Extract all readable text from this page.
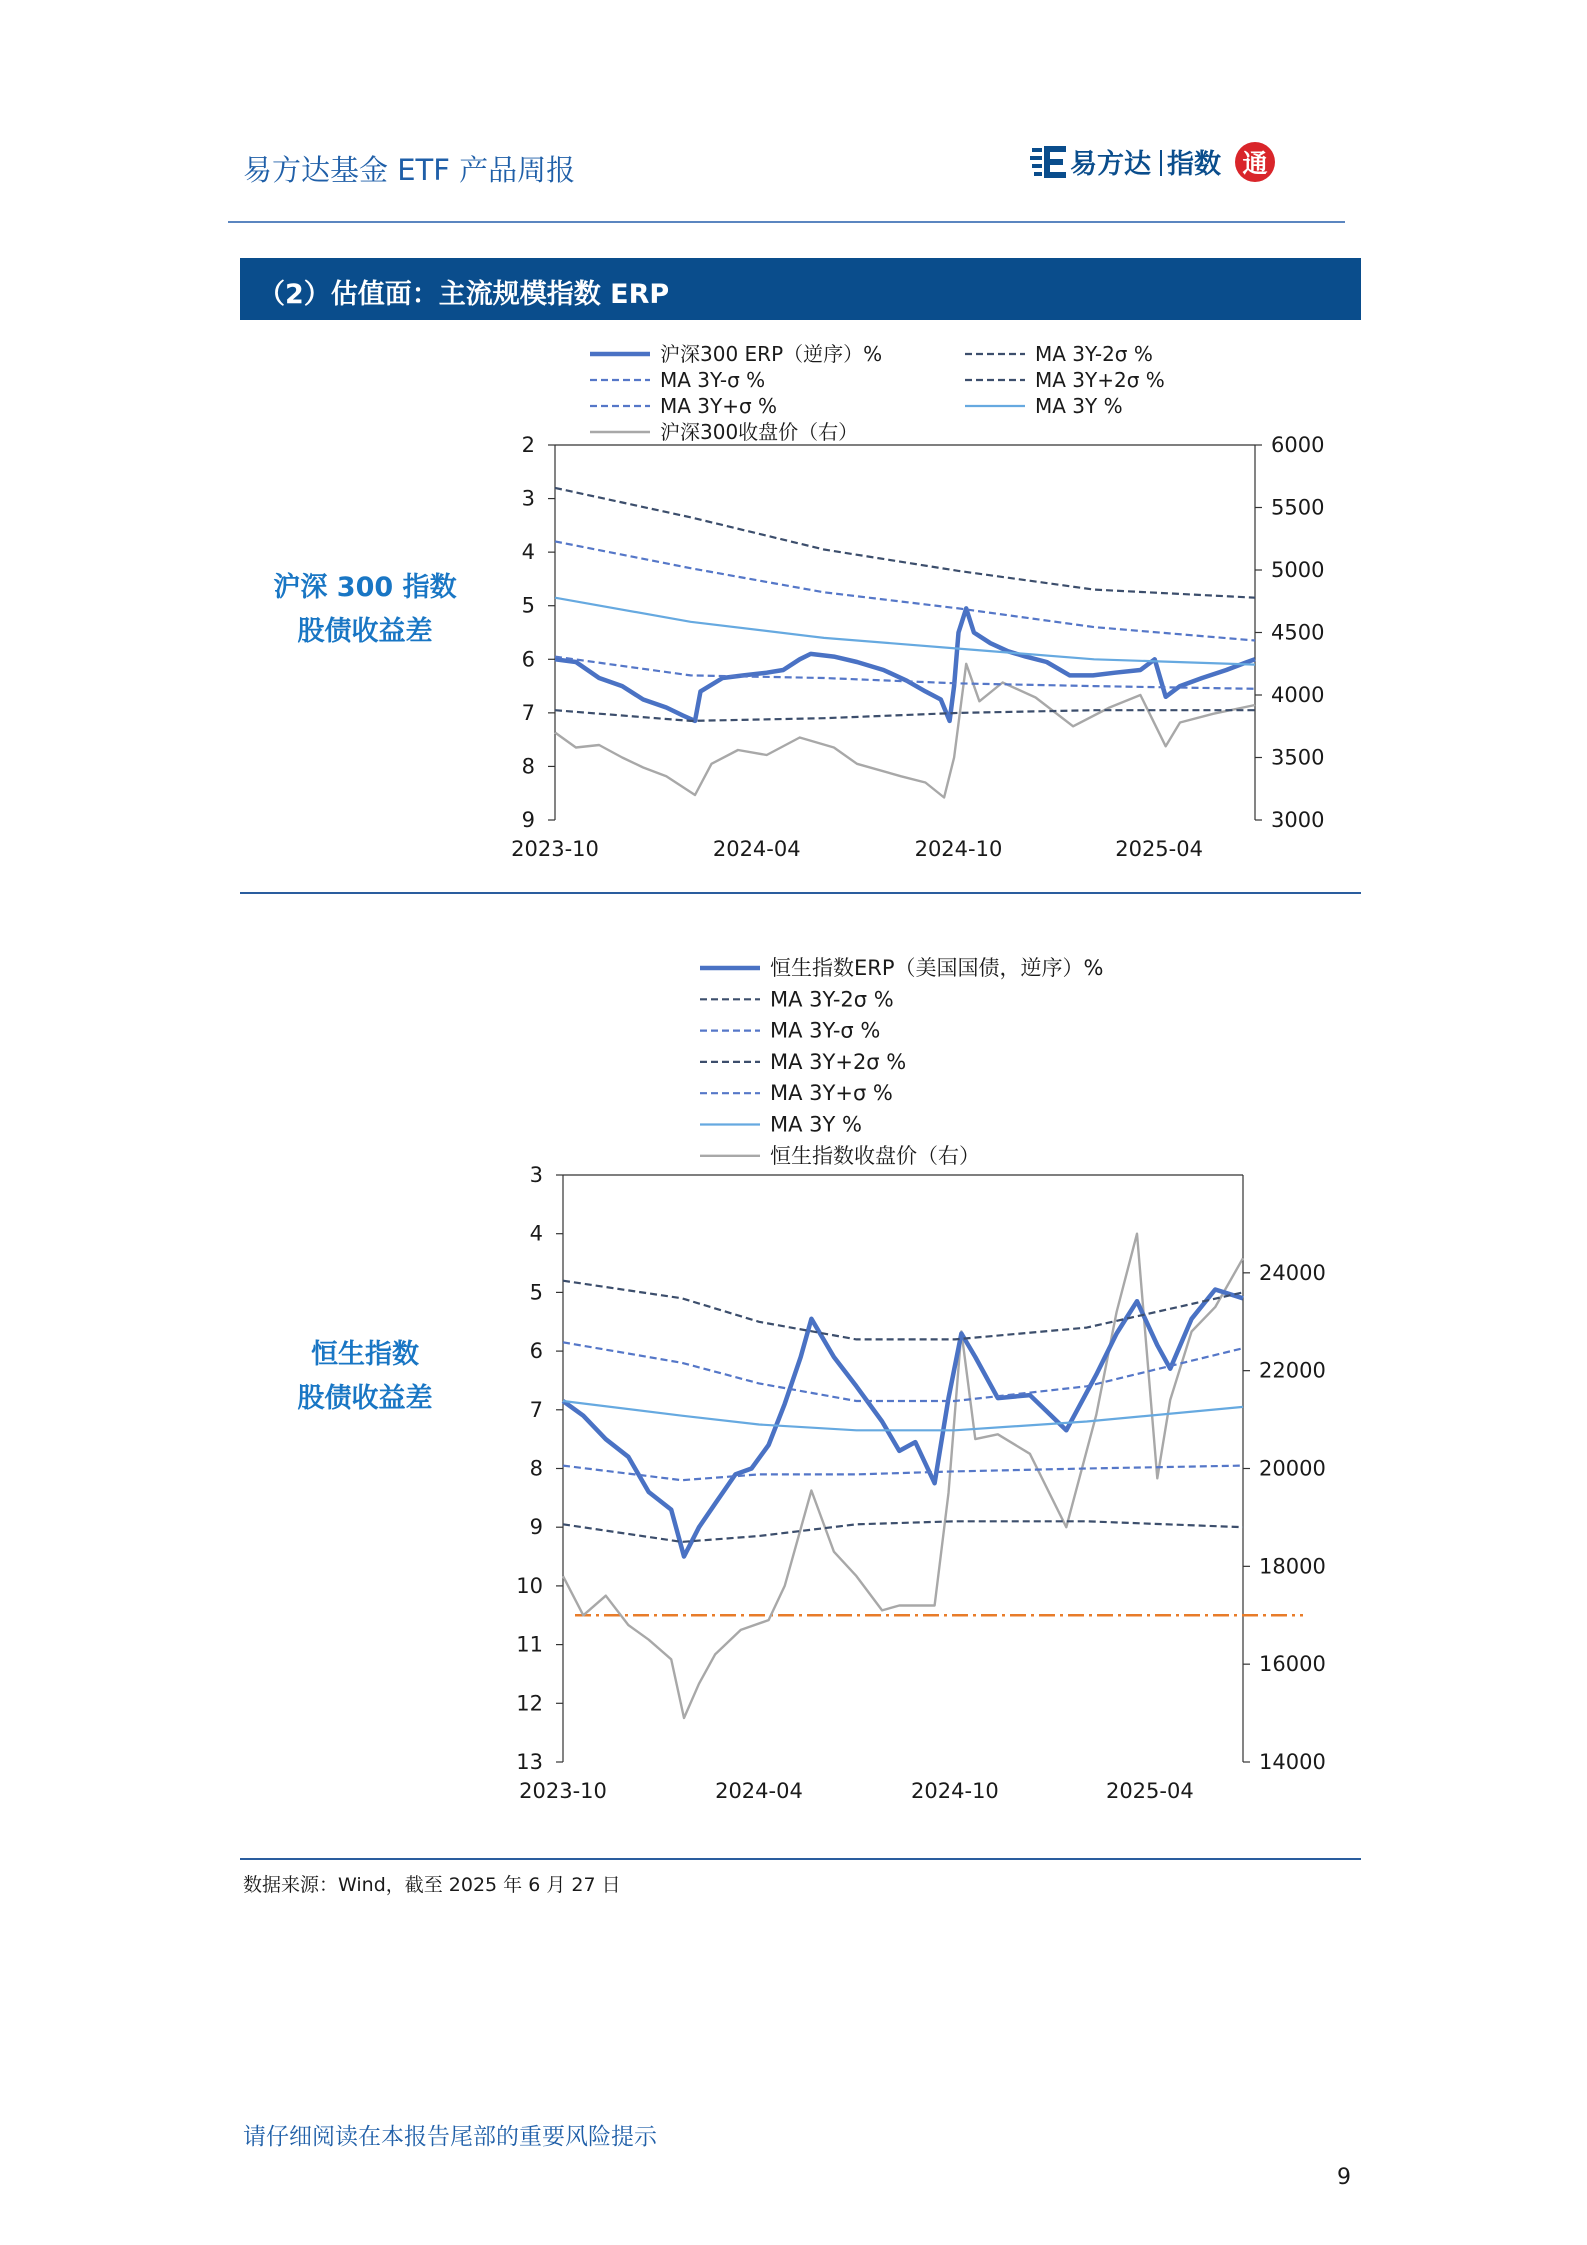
易方达基金 ETF 产品周报	易方达 指数 通
（2）估值面：主流规模指数 ERP
沪深 300 指数
股债收益差
2
3
4
5
6
7
8
9	3000
3500
4000
4500
5000
5500
6000
2023-10	2024-04	2024-10	2025-04
沪深300 ERP（逆序）%	MA 3Y-2σ %
MA 3Y-σ %	MA 3Y+2σ %
MA 3Y+σ %	MA 3Y %
沪深300收盘价（右）
恒生指数
股债收益差
3
4
5
6
7
8
9
10
11
12
13	14000
16000
18000
20000
22000
24000
2023-10	2024-04	2024-10	2025-04
恒生指数ERP（美国国债，逆序）%
MA 3Y-2σ %
MA 3Y-σ %
MA 3Y+2σ %
MA 3Y+σ %
MA 3Y %
恒生指数收盘价（右）
数据来源：Wind，截至 2025 年 6 月 27 日
请仔细阅读在本报告尾部的重要风险提示
9
